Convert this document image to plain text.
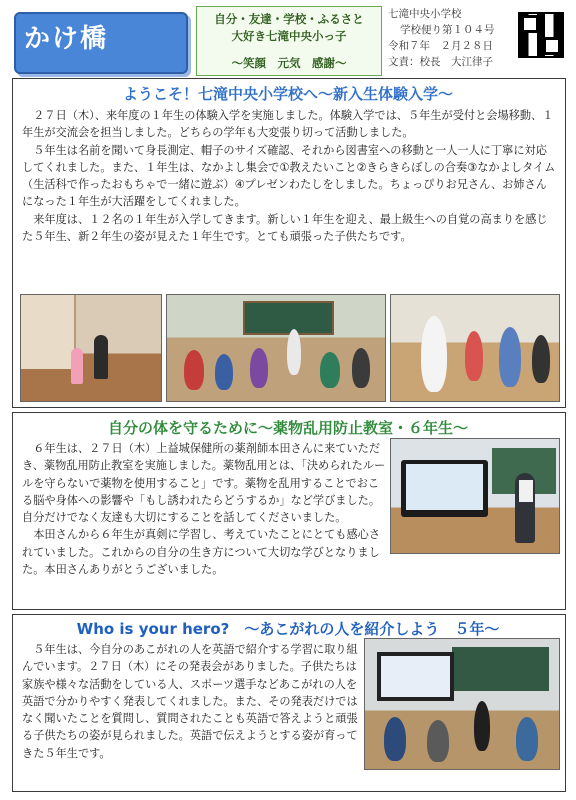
かけ橋
自分・友達・学校・ふるさと
大好き七滝中央小っ子
〜笑顔　元気　感謝〜
七滝中央小学校
学校便り第１０４号
令和７年　２月２８日
文責：校長　大江律子
ようこそ！七滝中央小学校へ〜新入生体験入学〜

２７日（木）、来年度の１年生の体験入学を実施しました。体験入学では、５年生が受付と会場移動、１年生が交流会を担当しました。どちらの学年も大変張り切って活動しました。

５年生は名前を聞いて身長測定、帽子のサイズ確認、それから図書室への移動と一人一人に丁寧に対応してくれました。また、１年生は、なかよし集会で①教えたいこと②きらきらぼしの合奏③なかよしタイム（生活科で作ったおもちゃで一緒に遊ぶ）④プレゼンわたしをしました。ちょっぴりお兄さん、お姉さんになった１年生が大活躍をしてくれました。

来年度は、１２名の１年生が入学してきます。新しい１年生を迎え、最上級生への自覚の高まりを感じた５年生、新２年生の姿が見えた１年生です。とても頑張った子供たちです。

自分の体を守るために〜薬物乱用防止教室・６年生〜

６年生は、２７日（木）上益城保健所の薬剤師本田さんに来ていただき、薬物乱用防止教室を実施しました。薬物乱用とは、「決められたルールを守らないで薬物を使用すること」です。薬物を乱用することでおこる脳や身体への影響や「もし誘われたらどうするか」など学びました。自分だけでなく友達も大切にすることを話してくださいました。

本田さんから６年生が真剣に学習し、考えていたことにとても感心されていました。これからの自分の生き方について大切な学びとなりました。本田さんありがとうございました。

Who is your hero?　〜あこがれの人を紹介しよう　５年〜

５年生は、今自分のあこがれの人を英語で紹介する学習に取り組んでいます。２７日（木）にその発表会がありました。子供たちは家族や様々な活動をしている人、スポーツ選手などあこがれの人を英語で分かりやすく発表してくれました。また、その発表だけではなく聞いたことを質問し、質問されたことも英語で答えようと頑張る子供たちの姿が見られました。英語で伝えようとする姿が育ってきた５年生です。
